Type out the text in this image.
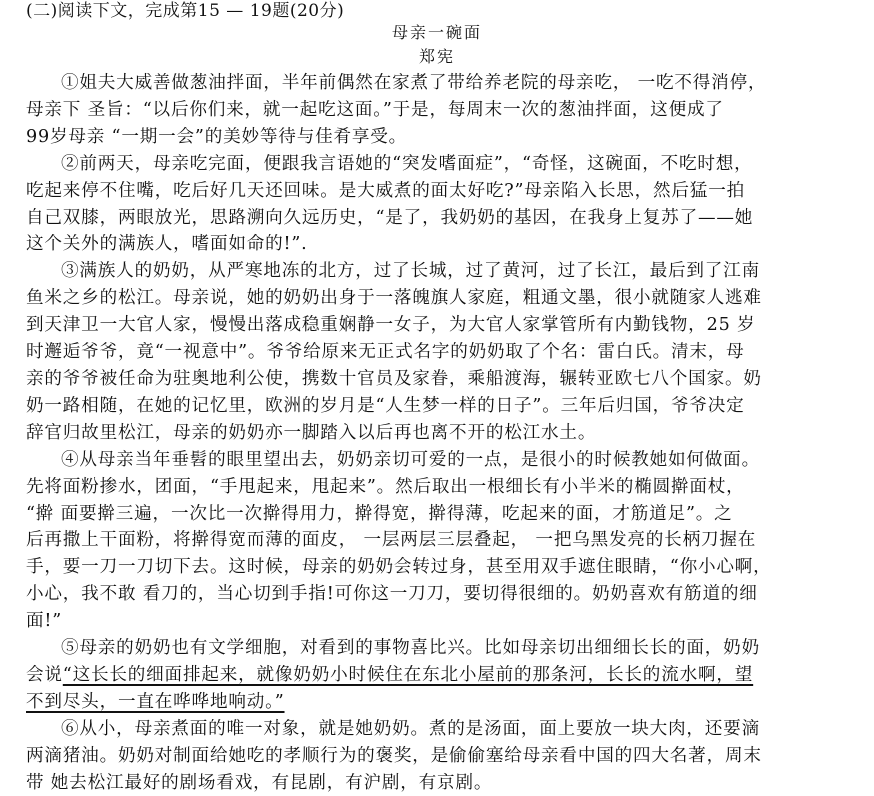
(二)阅读下文，完成第15 — 19题(20分)
母亲一碗面
郑宪
①姐夫大威善做葱油拌面，半年前偶然在家煮了带给养老院的母亲吃， 一吃不得消停，
母亲下 圣旨：“以后你们来，就一起吃这面。”于是，每周末一次的葱油拌面，这便成了
99岁母亲 “一期一会”的美妙等待与佳肴享受。
②前两天，母亲吃完面，便跟我言语她的“突发嗜面症”，“奇怪，这碗面，不吃时想，
吃起来停不住嘴，吃后好几天还回味。是大威煮的面太好吃?”母亲陷入长思，然后猛一拍
自己双膝，两眼放光，思路溯向久远历史，“是了，我奶奶的基因，在我身上复苏了——她
这个关外的满族人，嗜面如命的!”.
③满族人的奶奶，从严寒地冻的北方，过了长城，过了黄河，过了长江，最后到了江南
鱼米之乡的松江。母亲说，她的奶奶出身于一落魄旗人家庭，粗通文墨，很小就随家人逃难
到天津卫一大官人家，慢慢出落成稳重娴静一女子，为大官人家掌管所有内勤钱物，25 岁
时邂逅爷爷，竟“一视意中”。爷爷给原来无正式名字的奶奶取了个名：雷白氏。清末，母
亲的爷爷被任命为驻奥地利公使，携数十官员及家眷，乘船渡海，辗转亚欧七八个国家。奶
奶一路相随，在她的记忆里，欧洲的岁月是“人生梦一样的日子”。三年后归国，爷爷决定
辞官归故里松江，母亲的奶奶亦一脚踏入以后再也离不开的松江水土。
④从母亲当年垂髫的眼里望出去，奶奶亲切可爱的一点，是很小的时候教她如何做面。
先将面粉掺水，团面，“手甩起来，甩起来”。然后取出一根细长有小半米的椭圆擀面杖，
“擀 面要擀三遍，一次比一次擀得用力，擀得宽，擀得薄，吃起来的面，才筋道足”。之
后再撒上干面粉，将擀得宽而薄的面皮， 一层两层三层叠起， 一把乌黑发亮的长柄刀握在
手，要一刀一刀切下去。这时候，母亲的奶奶会转过身，甚至用双手遮住眼睛，“你小心啊，
小心，我不敢 看刀的，当心切到手指!可你这一刀刀，要切得很细的。奶奶喜欢有筋道的细
面!”
⑤母亲的奶奶也有文学细胞，对看到的事物喜比兴。比如母亲切出细细长长的面，奶奶
会说“这长长的细面排起来，就像奶奶小时候住在东北小屋前的那条河，长长的流水啊，望
不到尽头，一直在哗哗地响动。”
⑥从小，母亲煮面的唯一对象，就是她奶奶。煮的是汤面，面上要放一块大肉，还要滴
两滴猪油。奶奶对制面给她吃的孝顺行为的褒奖，是偷偷塞给母亲看中国的四大名著，周末
带 她去松江最好的剧场看戏，有昆剧，有沪剧，有京剧。
